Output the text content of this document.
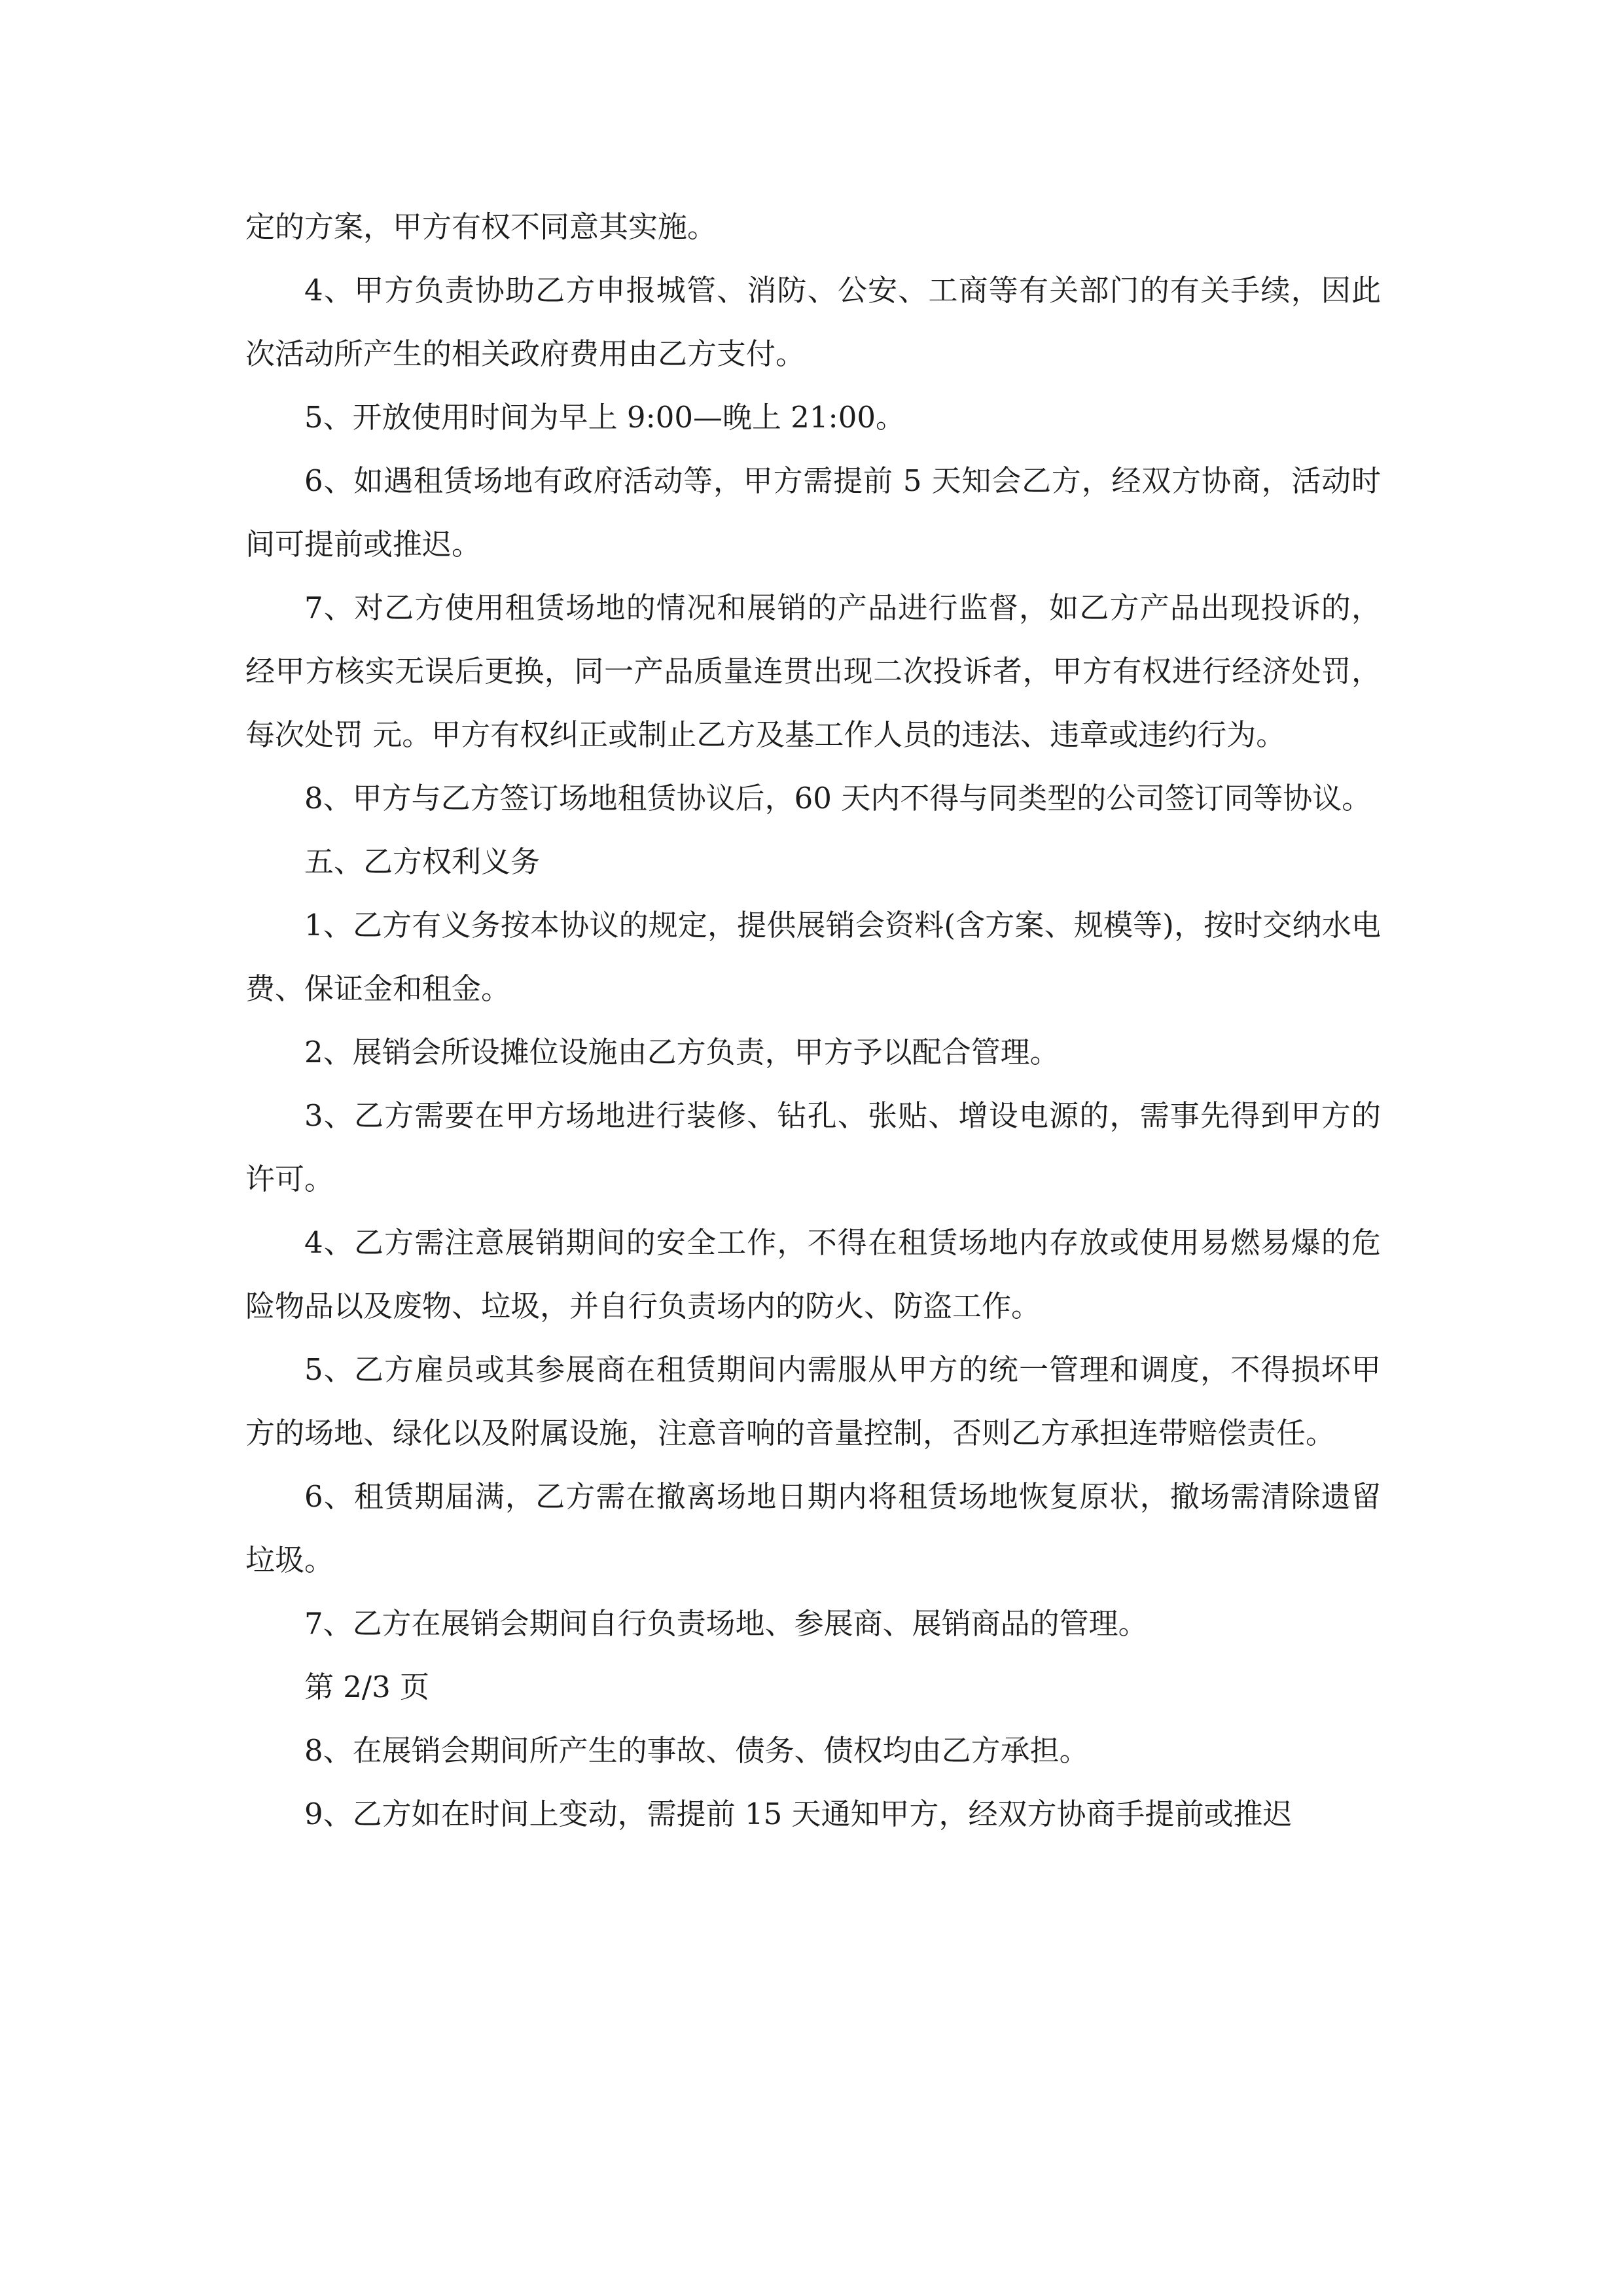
定的方案，甲方有权不同意其实施。

4、甲方负责协助乙方申报城管、消防、公安、工商等有关部门的有关手续，因此次活动所产生的相关政府费用由乙方支付。

5、开放使用时间为早上 9:00—晚上 21:00。

6、如遇租赁场地有政府活动等，甲方需提前 5 天知会乙方，经双方协商，活动时间可提前或推迟。

7、对乙方使用租赁场地的情况和展销的产品进行监督，如乙方产品出现投诉的，经甲方核实无误后更换，同一产品质量连贯出现二次投诉者，甲方有权进行经济处罚，每次处罚 元。甲方有权纠正或制止乙方及基工作人员的违法、违章或违约行为。

8、甲方与乙方签订场地租赁协议后，60 天内不得与同类型的公司签订同等协议。

五、乙方权利义务

1、乙方有义务按本协议的规定，提供展销会资料(含方案、规模等)，按时交纳水电费、保证金和租金。

2、展销会所设摊位设施由乙方负责，甲方予以配合管理。

3、乙方需要在甲方场地进行装修、钻孔、张贴、增设电源的，需事先得到甲方的许可。

4、乙方需注意展销期间的安全工作，不得在租赁场地内存放或使用易燃易爆的危险物品以及废物、垃圾，并自行负责场内的防火、防盗工作。

5、乙方雇员或其参展商在租赁期间内需服从甲方的统一管理和调度，不得损坏甲方的场地、绿化以及附属设施，注意音响的音量控制，否则乙方承担连带赔偿责任。

6、租赁期届满，乙方需在撤离场地日期内将租赁场地恢复原状，撤场需清除遗留垃圾。

7、乙方在展销会期间自行负责场地、参展商、展销商品的管理。

第 2/3 页

8、在展销会期间所产生的事故、债务、债权均由乙方承担。

9、乙方如在时间上变动，需提前 15 天通知甲方，经双方协商手提前或推迟
